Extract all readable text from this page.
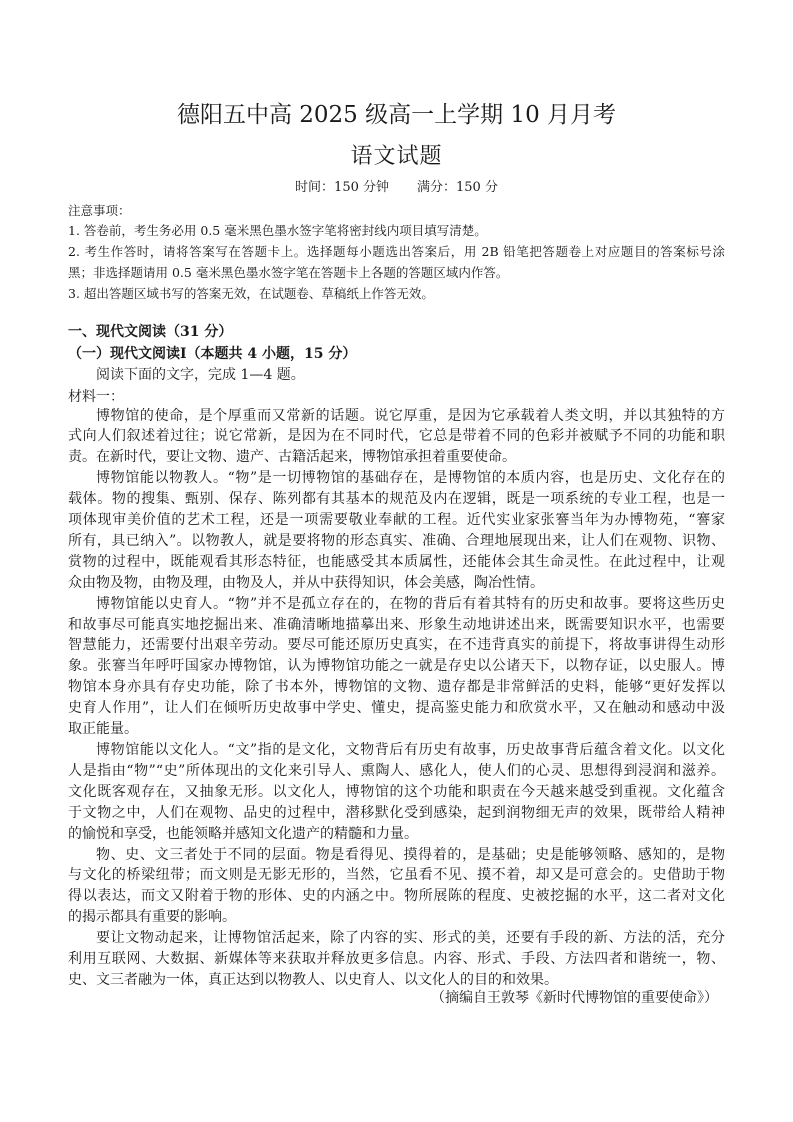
德阳五中高 2025 级高一上学期 10 月月考
语文试题
时间：150 分钟 满分：150 分
注意事项：
1. 答卷前，考生务必用 0.5 毫米黑色墨水签字笔将密封线内项目填写清楚。
2. 考生作答时，请将答案写在答题卡上。选择题每小题选出答案后，用 2B 铅笔把答题卷上对应题目的答案标号涂
黑；非选择题请用 0.5 毫米黑色墨水签字笔在答题卡上各题的答题区域内作答。
3. 超出答题区域书写的答案无效，在试题卷、草稿纸上作答无效。
一、现代文阅读（31 分）
（一）现代文阅读Ⅰ（本题共 4 小题，15 分）
阅读下面的文字，完成 1—4 题。
材料一：
博物馆的使命，是个厚重而又常新的话题。说它厚重，是因为它承载着人类文明，并以其独特的方
式向人们叙述着过往；说它常新，是因为在不同时代，它总是带着不同的色彩并被赋予不同的功能和职
责。在新时代，要让文物、遗产、古籍活起来，博物馆承担着重要使命。
博物馆能以物教人。“物”是一切博物馆的基础存在，是博物馆的本质内容，也是历史、文化存在的
载体。物的搜集、甄别、保存、陈列都有其基本的规范及内在逻辑，既是一项系统的专业工程，也是一
项体现审美价值的艺术工程，还是一项需要敬业奉献的工程。近代实业家张謇当年为办博物苑，“謇家
所有，具已纳入”。以物教人，就是要将物的形态真实、准确、合理地展现出来，让人们在观物、识物、
赏物的过程中，既能观看其形态特征，也能感受其本质属性，还能体会其生命灵性。在此过程中，让观
众由物及物，由物及理，由物及人，并从中获得知识，体会美感，陶冶性情。
博物馆能以史育人。“物”并不是孤立存在的，在物的背后有着其特有的历史和故事。要将这些历史
和故事尽可能真实地挖掘出来、准确清晰地描摹出来、形象生动地讲述出来，既需要知识水平，也需要
智慧能力，还需要付出艰辛劳动。要尽可能还原历史真实，在不违背真实的前提下，将故事讲得生动形
象。张謇当年呼吁国家办博物馆，认为博物馆功能之一就是存史以公诸天下，以物存证，以史服人。博
物馆本身亦具有存史功能，除了书本外，博物馆的文物、遗存都是非常鲜活的史料，能够“更好发挥以
史育人作用”，让人们在倾听历史故事中学史、懂史，提高鉴史能力和欣赏水平，又在触动和感动中汲
取正能量。
博物馆能以文化人。“文”指的是文化，文物背后有历史有故事，历史故事背后蕴含着文化。以文化
人是指由“物”“史”所体现出的文化来引导人、熏陶人、感化人，使人们的心灵、思想得到浸润和滋养。
文化既客观存在，又抽象无形。以文化人，博物馆的这个功能和职责在今天越来越受到重视。文化蕴含
于文物之中，人们在观物、品史的过程中，潜移默化受到感染，起到润物细无声的效果，既带给人精神
的愉悦和享受，也能领略并感知文化遗产的精髓和力量。
物、史、文三者处于不同的层面。物是看得见、摸得着的，是基础；史是能够领略、感知的，是物
与文化的桥梁纽带；而文则是无影无形的，当然，它虽看不见、摸不着，却又是可意会的。史借助于物
得以表达，而文又附着于物的形体、史的内涵之中。物所展陈的程度、史被挖掘的水平，这二者对文化
的揭示都具有重要的影响。
要让文物动起来，让博物馆活起来，除了内容的实、形式的美，还要有手段的新、方法的活，充分
利用互联网、大数据、新媒体等来获取并释放更多信息。内容、形式、手段、方法四者和谐统一，物、
史、文三者融为一体，真正达到以物教人、以史育人、以文化人的目的和效果。
（摘编自王敦琴《新时代博物馆的重要使命》）
